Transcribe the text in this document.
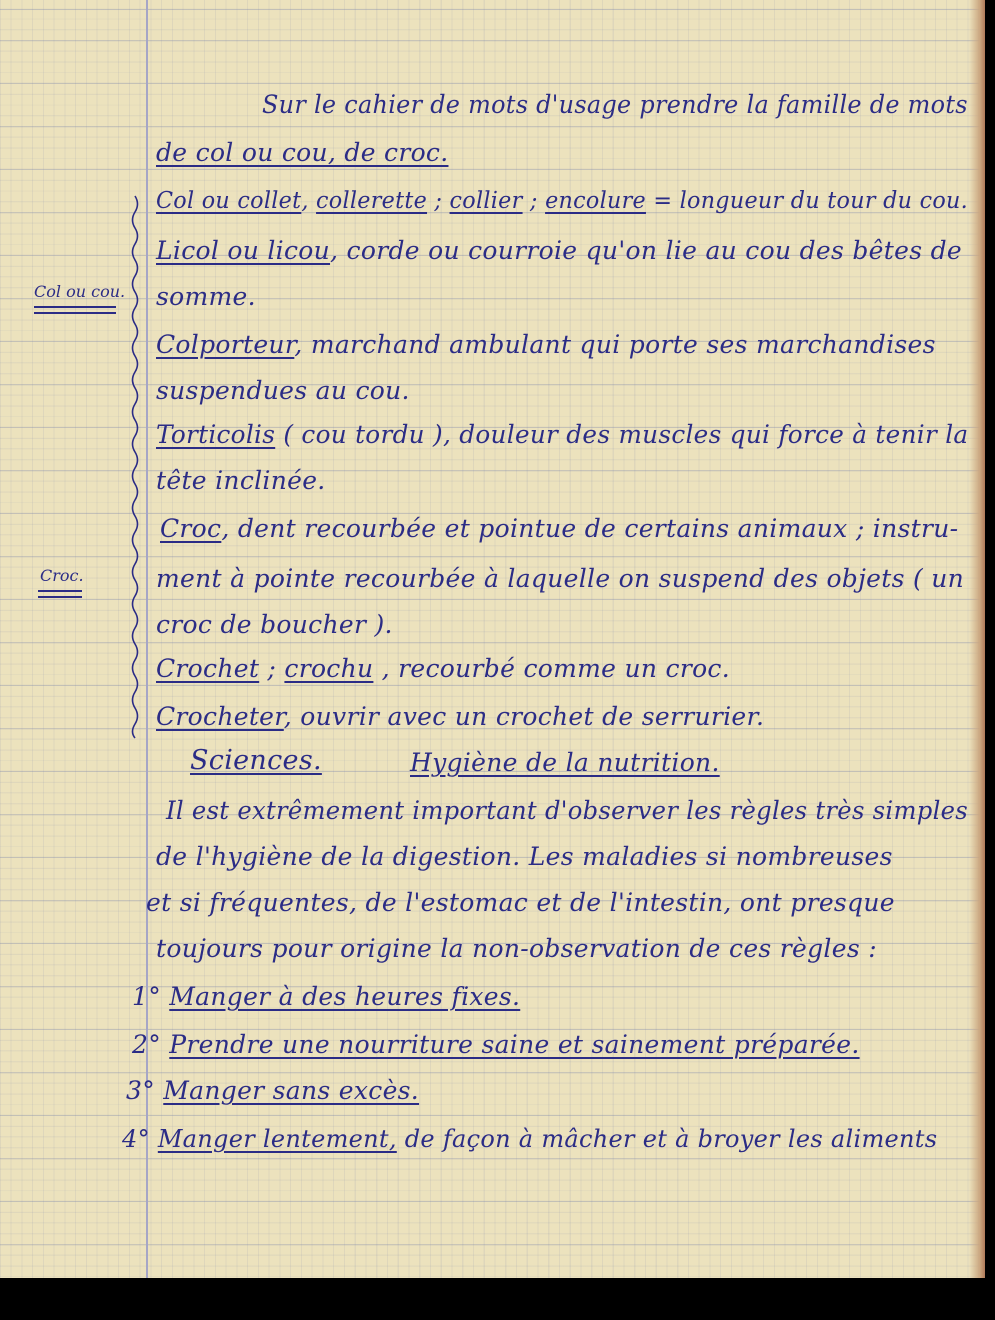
Col ou cou.
Croc.
Sur le cahier de mots d'usage prendre la famille de mots
de col ou cou, de croc.
Col ou collet, collerette ; collier ; encolure = longueur du tour du cou.
Licol ou licou, corde ou courroie qu'on lie au cou des bêtes de
somme.
Colporteur, marchand ambulant qui porte ses marchandises
suspendues au cou.
Torticolis ( cou tordu ), douleur des muscles qui force à tenir la
tête inclinée.
Croc, dent recourbée et pointue de certains animaux ; instru-
ment à pointe recourbée à laquelle on suspend des objets ( un
croc de boucher ).
Crochet ; crochu , recourbé comme un croc.
Crocheter, ouvrir avec un crochet de serrurier.
Sciences.	Hygiène de la nutrition.
Il est extrêmement important d'observer les règles très simples
de l'hygiène de la digestion. Les maladies si nombreuses
et si fréquentes, de l'estomac et de l'intestin, ont presque
toujours pour origine la non-observation de ces règles :
1° Manger à des heures fixes.
2° Prendre une nourriture saine et sainement préparée.
3° Manger sans excès.
4° Manger lentement, de façon à mâcher et à broyer les aliments
